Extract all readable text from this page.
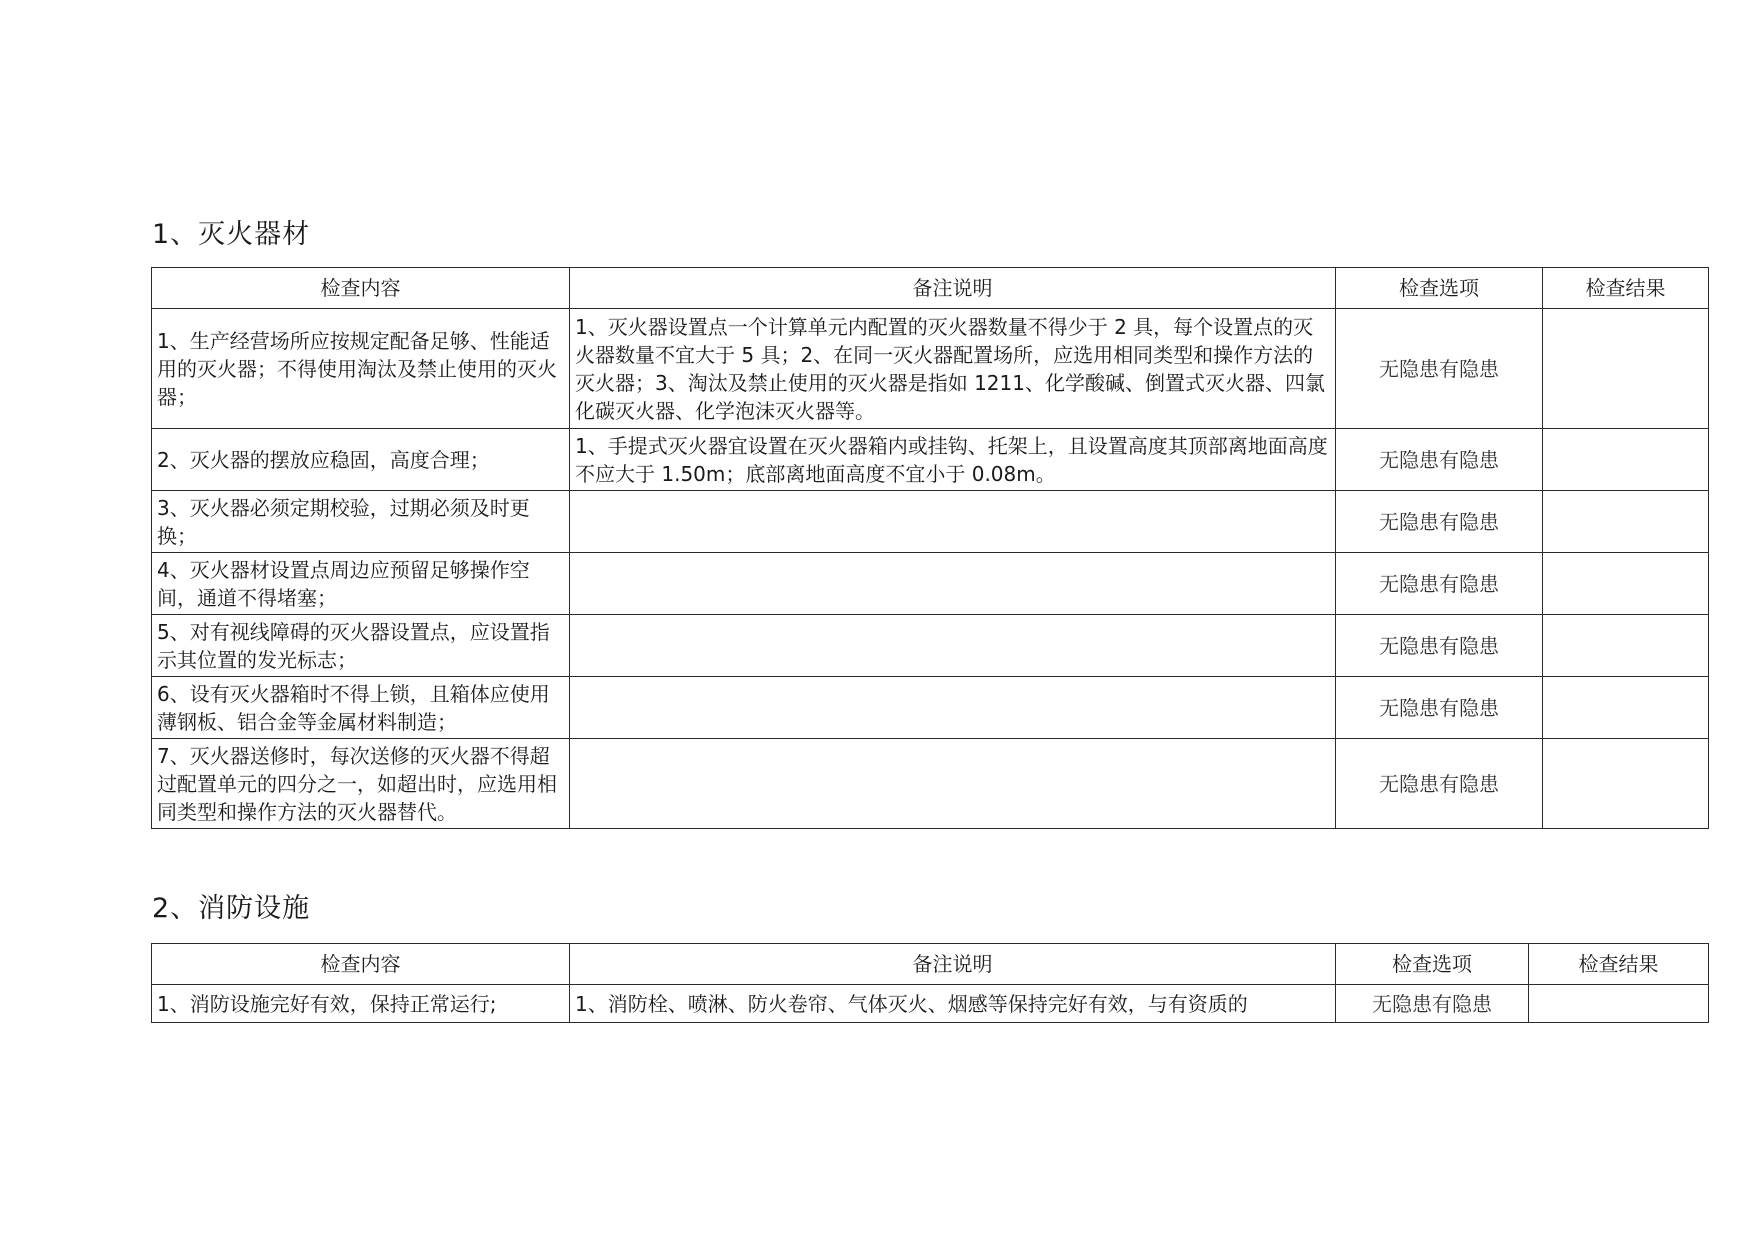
1、灭火器材
检查内容	备注说明	检查选项	检查结果
1、生产经营场所应按规定配备足够、性能适用的灭火器；不得使用淘汰及禁止使用的灭火器；	1、灭火器设置点一个计算单元内配置的灭火器数量不得少于 2 具，每个设置点的灭火器数量不宜大于 5 具；2、在同一灭火器配置场所，应选用相同类型和操作方法的灭火器；3、淘汰及禁止使用的灭火器是指如 1211、化学酸碱、倒置式灭火器、四氯化碳灭火器、化学泡沫灭火器等。	无隐患有隐患	
2、灭火器的摆放应稳固，高度合理；	1、手提式灭火器宜设置在灭火器箱内或挂钩、托架上，且设置高度其顶部离地面高度不应大于 1.50m；底部离地面高度不宜小于 0.08m。	无隐患有隐患	
3、灭火器必须定期校验，过期必须及时更换；		无隐患有隐患	
4、灭火器材设置点周边应预留足够操作空间，通道不得堵塞；		无隐患有隐患	
5、对有视线障碍的灭火器设置点，应设置指示其位置的发光标志；		无隐患有隐患	
6、设有灭火器箱时不得上锁，且箱体应使用薄钢板、铝合金等金属材料制造；		无隐患有隐患	
7、灭火器送修时，每次送修的灭火器不得超过配置单元的四分之一，如超出时，应选用相同类型和操作方法的灭火器替代。		无隐患有隐患	
2、消防设施
检查内容	备注说明	检查选项	检查结果
1、消防设施完好有效，保持正常运行;	1、消防栓、喷淋、防火卷帘、气体灭火、烟感等保持完好有效，与有资质的	无隐患有隐患	
